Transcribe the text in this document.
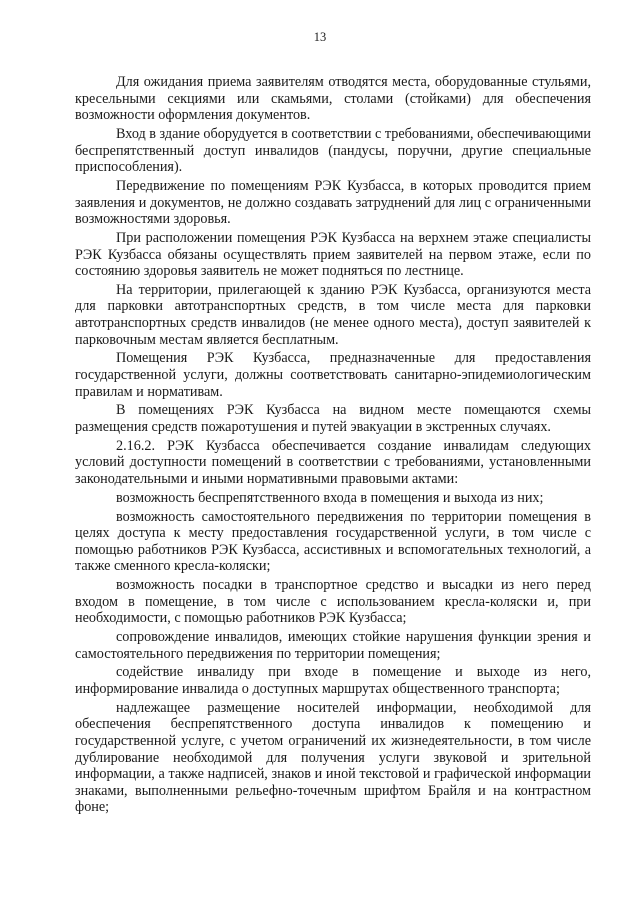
13

Для ожидания приема заявителям отводятся места, оборудованные стульями, кресельными секциями или скамьями, столами (стойками) для обеспечения возможности оформления документов.

Вход в здание оборудуется в соответствии с требованиями, обеспечивающими беспрепятственный доступ инвалидов (пандусы, поручни, другие специальные приспособления).

Передвижение по помещениям РЭК Кузбасса, в которых проводится прием заявления и документов, не должно создавать затруднений для лиц с ограниченными возможностями здоровья.

При расположении помещения РЭК Кузбасса на верхнем этаже специалисты РЭК Кузбасса обязаны осуществлять прием заявителей на первом этаже, если по состоянию здоровья заявитель не может подняться по лестнице.

На территории, прилегающей к зданию РЭК Кузбасса, организуются места для парковки автотранспортных средств, в том числе места для парковки автотранспортных средств инвалидов (не менее одного места), доступ заявителей к парковочным местам является бесплатным.

Помещения РЭК Кузбасса, предназначенные для предоставления государственной услуги, должны соответствовать санитарно-эпидемиологическим правилам и нормативам.

В помещениях РЭК Кузбасса на видном месте помещаются схемы размещения средств пожаротушения и путей эвакуации в экстренных случаях.

2.16.2. РЭК Кузбасса обеспечивается создание инвалидам следующих условий доступности помещений в соответствии с требованиями, установленными законодательными и иными нормативными правовыми актами:

возможность беспрепятственного входа в помещения и выхода из них;

возможность самостоятельного передвижения по территории помещения в целях доступа к месту предоставления государственной услуги, в том числе с помощью работников РЭК Кузбасса, ассистивных и вспомогательных технологий, а также сменного кресла-коляски;

возможность посадки в транспортное средство и высадки из него перед входом в помещение, в том числе с использованием кресла-коляски и, при необходимости, с помощью работников РЭК Кузбасса;

сопровождение инвалидов, имеющих стойкие нарушения функции зрения и самостоятельного передвижения по территории помещения;

содействие инвалиду при входе в помещение и выходе из него, информирование инвалида о доступных маршрутах общественного транспорта;

надлежащее размещение носителей информации, необходимой для обеспечения беспрепятственного доступа инвалидов к помещению и государственной услуге, с учетом ограничений их жизнедеятельности, в том числе дублирование необходимой для получения услуги звуковой и зрительной информации, а также надписей, знаков и иной текстовой и графической информации знаками, выполненными рельефно-точечным шрифтом Брайля и на контрастном фоне;
